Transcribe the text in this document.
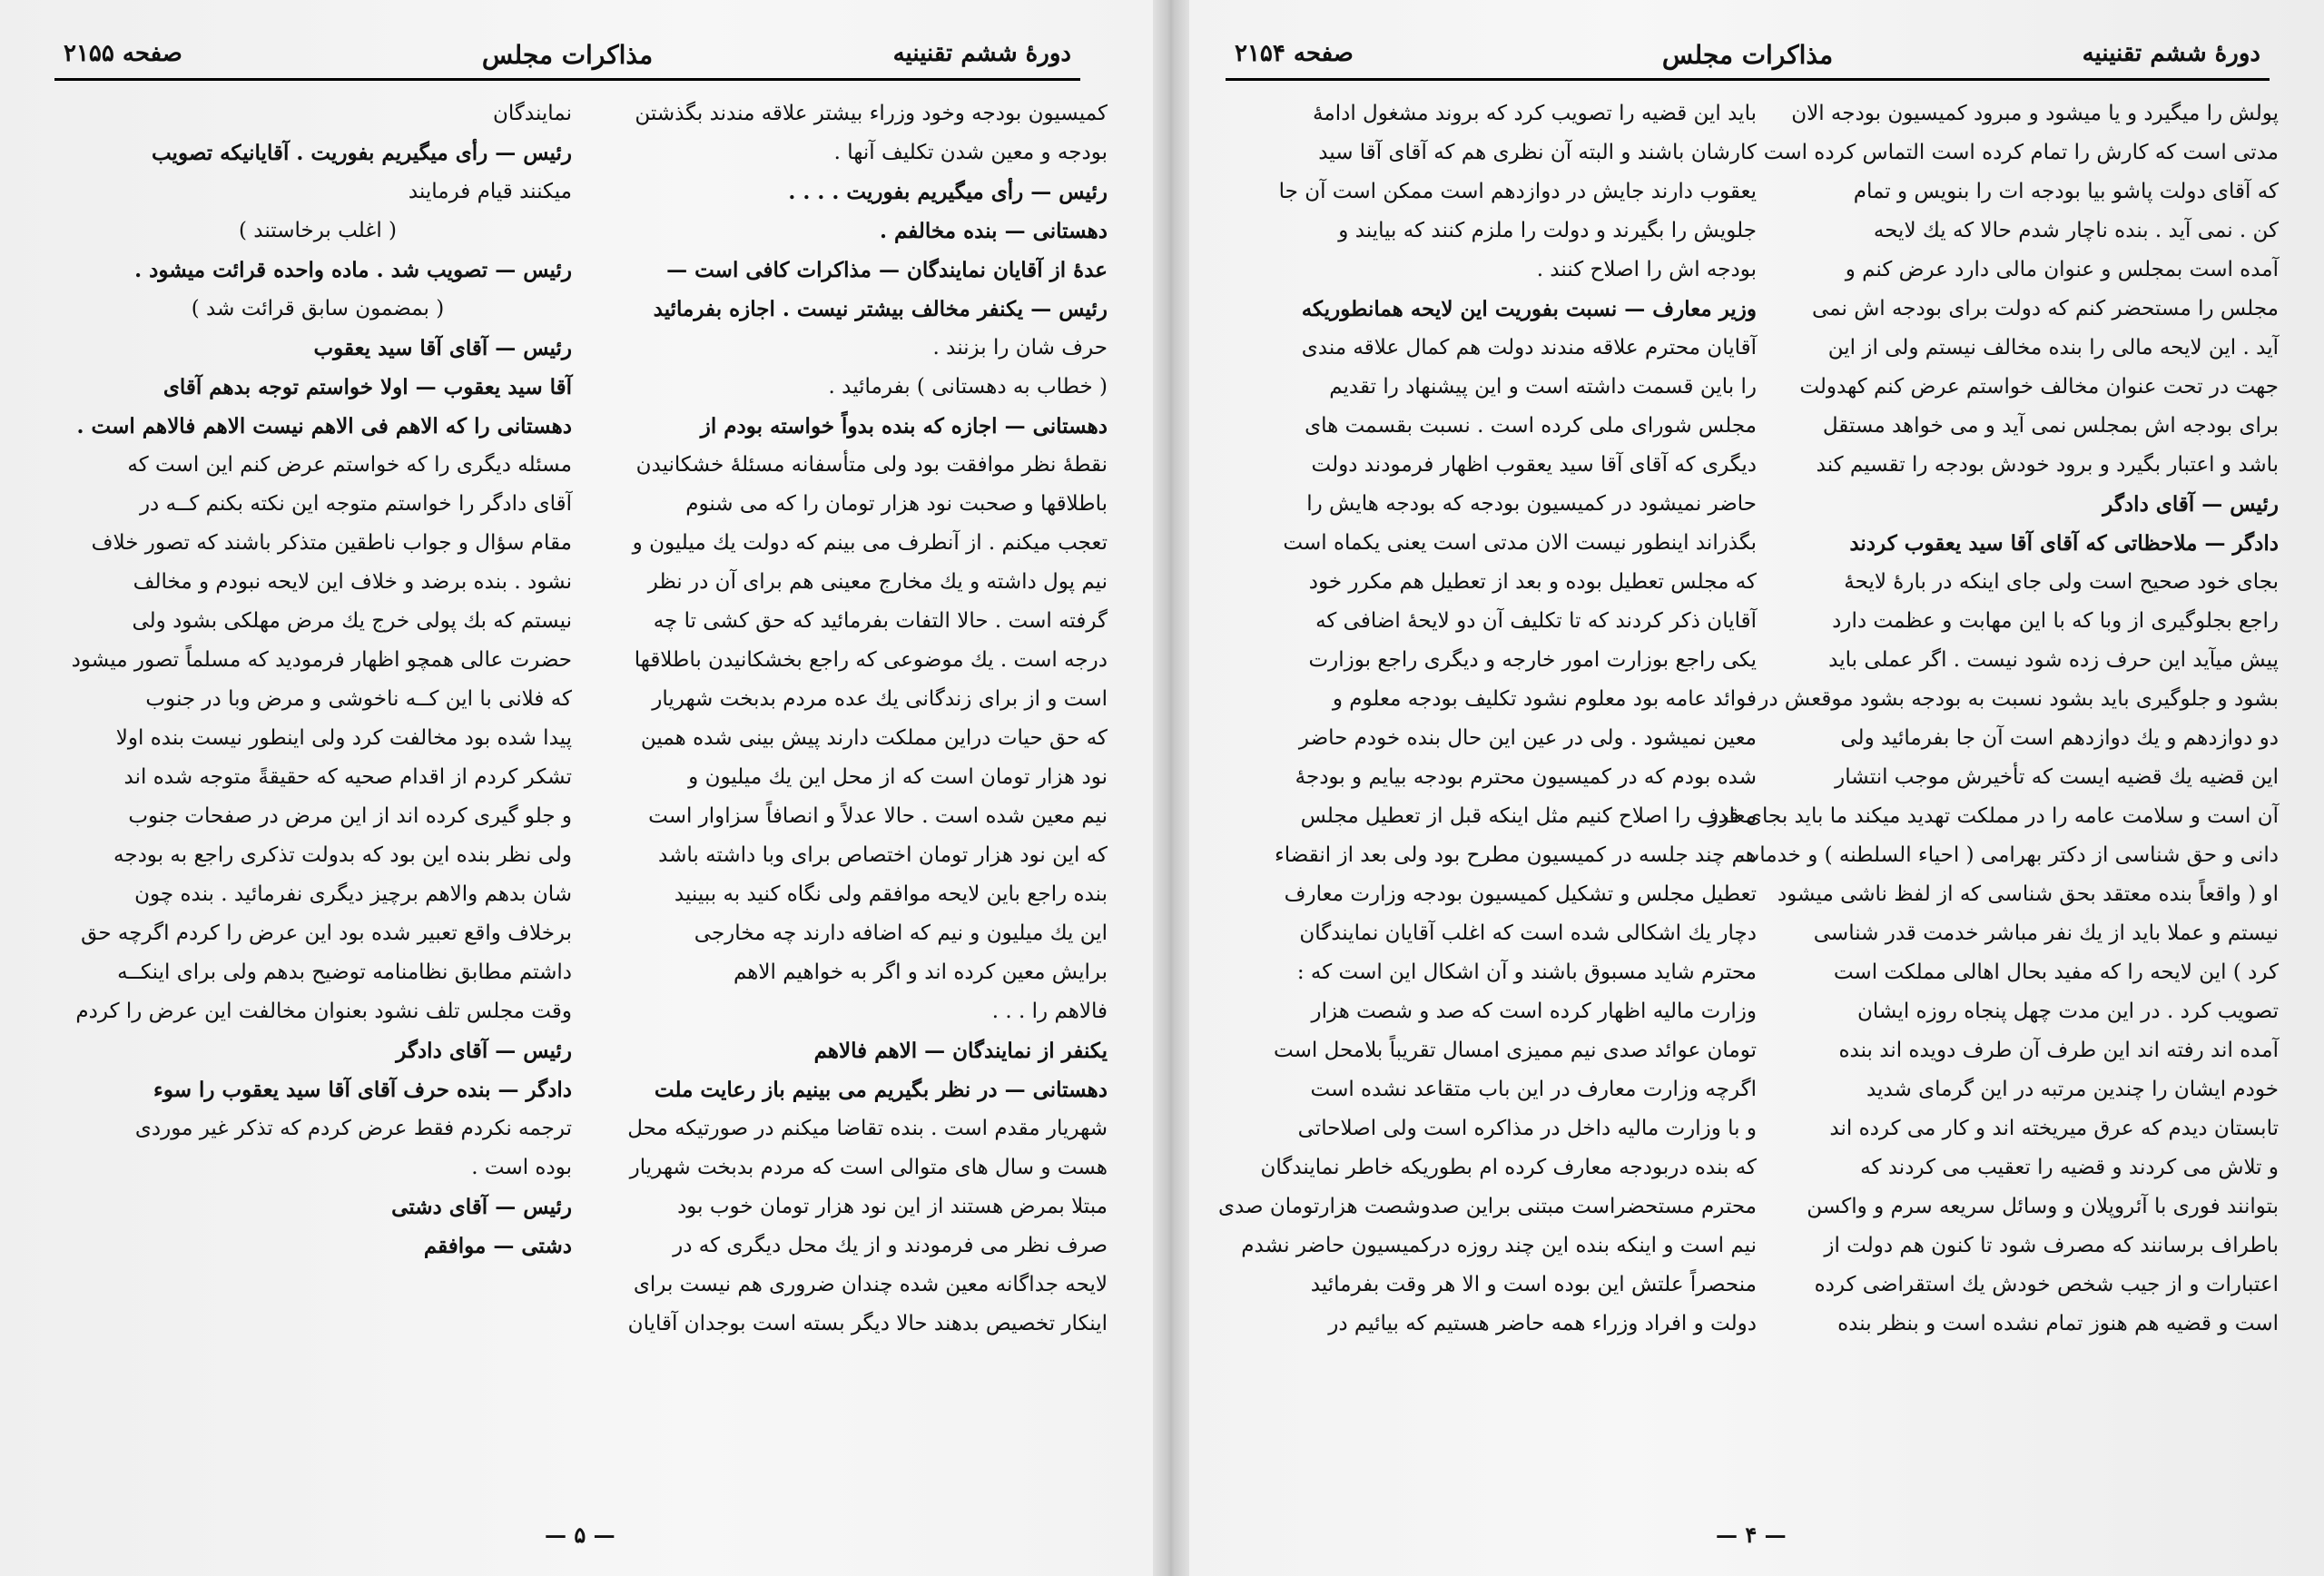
دورهٔ ششم تقنینیه
مذاکرات مجلس
صفحه ۲۱۵۵
کمیسیون بودجه وخود وزراء بیشتر علاقه مندند بگذشتن
بودجه و معین شدن تکلیف آنها .
رئیس — رأی میگیریم بفوریت . . . .
دهستانی — بنده مخالفم .
عدهٔ از آقایان نمایندگان — مذاکرات کافی است —
رئیس — یکنفر مخالف بیشتر نیست . اجازه بفرمائید
حرف شان را بزنند .
( خطاب به دهستانی ) بفرمائید .
دهستانی — اجازه که بنده بدواً خواسته بودم از
نقطهٔ نظر موافقت بود ولی متأسفانه مسئلهٔ خشکانیدن
باطلاقها و صحبت نود هزار تومان را که می شنوم
تعجب میکنم . از آنطرف می بینم که دولت یك میلیون و
نیم پول داشته و یك مخارج معینی هم برای آن در نظر
گرفته است . حالا التفات بفرمائید که حق کشی تا چه
درجه است . یك موضوعی که راجع بخشکانیدن باطلاقها
است و از برای زندگانی یك عده مردم بدبخت شهریار
که حق حیات دراین مملکت دارند پیش بینی شده همین
نود هزار تومان است که از محل این یك میلیون و
نیم معین شده است . حالا عدلاً و انصافاً سزاوار است
که این نود هزار تومان اختصاص برای وبا داشته باشد
بنده راجع باین لایحه موافقم ولی نگاه کنید به ببینید
این یك میلیون و نیم که اضافه دارند چه مخارجی
برایش معین کرده اند و اگر به خواهیم الاهم
فالاهم را . . .
یکنفر از نمایندگان — الاهم فالاهم
دهستانی — در نظر بگیریم می بینیم باز رعایت ملت
شهریار مقدم است . بنده تقاضا میکنم در صورتیکه محل
هست و سال های متوالی است که مردم بدبخت شهریار
مبتلا بمرض هستند از این نود هزار تومان خوب بود
صرف نظر می فرمودند و از یك محل دیگری که در
لایحه جداگانه معین شده چندان ضروری هم نیست برای
اینکار تخصیص بدهند حالا دیگر بسته است بوجدان آقایان
نمایندگان
رئیس — رأی میگیریم بفوریت . آقایانیکه تصویب
میکنند قیام فرمایند
( اغلب برخاستند )
رئیس — تصویب شد . ماده واحده قرائت میشود .
( بمضمون سابق قرائت شد )
رئیس — آقای آقا سید یعقوب
آقا سید یعقوب — اولا خواستم توجه بدهم آقای
دهستانی را که الاهم فی الاهم نیست الاهم فالاهم است .
مسئله دیگری را که خواستم عرض کنم این است که
آقای دادگر را خواستم متوجه این نکته بکنم کــه در
مقام سؤال و جواب ناطقین متذکر باشند که تصور خلاف
نشود . بنده برضد و خلاف این لایحه نبودم و مخالف
نیستم که بك پولی خرج یك مرض مهلکی بشود ولی
حضرت عالی همچو اظهار فرمودید که مسلماً تصور میشود
که فلانی با این کــه ناخوشی و مرض وبا در جنوب
پیدا شده بود مخالفت کرد ولی اینطور نیست بنده اولا
تشکر کردم از اقدام صحیه که حقیقةً متوجه شده اند
و جلو گیری کرده اند از این مرض در صفحات جنوب
ولی نظر بنده این بود که بدولت تذکری راجع به بودجه
شان بدهم والاهم برچیز دیگری نفرمائید . بنده چون
برخلاف واقع تعبیر شده بود این عرض را کردم اگرچه حق
داشتم مطابق نظامنامه توضیح بدهم ولی برای اینکــه
وقت مجلس تلف نشود بعنوان مخالفت این عرض را کردم
رئیس — آقای دادگر
دادگر — بنده حرف آقای آقا سید یعقوب را سوء
ترجمه نکردم فقط عرض کردم که تذکر غیر موردی
بوده است .
رئیس — آقای دشتی
دشتی — موافقم
— ۵ —
دورهٔ ششم تقنینیه
مذاکرات مجلس
صفحه ۲۱۵۴
پولش را میگیرد و یا میشود و مبرود کمیسیون بودجه الان
مدتی است که کارش را تمام کرده است التماس کرده است
که آقای دولت پاشو بیا بودجه ات را بنویس و تمام
کن . نمی آید . بنده ناچار شدم حالا که یك لایحه
آمده است بمجلس و عنوان مالی دارد عرض کنم و
مجلس را مستحضر کنم که دولت برای بودجه اش نمی
آید . این لایحه مالی را بنده مخالف نیستم ولی از این
جهت در تحت عنوان مخالف خواستم عرض کنم کهدولت
برای بودجه اش بمجلس نمی آید و می خواهد مستقل
باشد و اعتبار بگیرد و برود خودش بودجه را تقسیم کند
رئیس — آقای دادگر
دادگر — ملاحظاتی که آقای آقا سید یعقوب کردند
بجای خود صحیح است ولی جای اینکه در بارهٔ لایحهٔ
راجع بجلوگیری از وبا که با این مهابت و عظمت دارد
پیش میآید این حرف زده شود نیست . اگر عملی باید
بشود و جلوگیری باید بشود نسبت به بودجه بشود موقعش در
دو دوازدهم و یك دوازدهم است آن جا بفرمائید ولی
این قضیه یك قضیه ایست که تأخیرش موجب انتشار
آن است و سلامت عامه را در مملکت تهدید میکند ما باید بجای قدر
دانی و حق شناسی از دکتر بهرامی ( احیاء السلطنه ) و خدمات
او ( واقعاً بنده معتقد بحق شناسی که از لفظ ناشی میشود
نیستم و عملا باید از یك نفر مباشر خدمت قدر شناسی
کرد ) این لایحه را که مفید بحال اهالی مملکت است
تصویب کرد . در این مدت چهل پنجاه روزه ایشان
آمده اند رفته اند این طرف آن طرف دویده اند بنده
خودم ایشان را چندین مرتبه در این گرمای شدید
تابستان دیدم که عرق میریخته اند و کار می کرده اند
و تلاش می کردند و قضیه را تعقیب می کردند که
بتوانند فوری با آئروپلان و وسائل سریعه سرم و واکسن
باطراف برسانند که مصرف شود تا کنون هم دولت از
اعتبارات و از جیب شخص خودش یك استقراضی کرده
است و قضیه هم هنوز تمام نشده است و بنظر بنده
باید این قضیه را تصویب کرد که بروند مشغول ادامهٔ
کارشان باشند و البته آن نظری هم که آقای آقا سید
یعقوب دارند جایش در دوازدهم است ممکن است آن جا
جلویش را بگیرند و دولت را ملزم کنند که بیایند و
بودجه اش را اصلاح کنند .
وزیر معارف — نسبت بفوریت این لایحه همانطوریکه
آقایان محترم علاقه مندند دولت هم کمال علاقه مندی
را باین قسمت داشته است و این پیشنهاد را تقدیم
مجلس شورای ملی کرده است . نسبت بقسمت های
دیگری که آقای آقا سید یعقوب اظهار فرمودند دولت
حاضر نمیشود در کمیسیون بودجه که بودجه هایش را
بگذراند اینطور نیست الان مدتی است یعنی یکماه است
که مجلس تعطیل بوده و بعد از تعطیل هم مکرر خود
آقایان ذکر کردند که تا تکلیف آن دو لایحهٔ اضافی که
یکی راجع بوزارت امور خارجه و دیگری راجع بوزارت
فوائد عامه بود معلوم نشود تکلیف بودجه معلوم و
معین نمیشود . ولی در عین این حال بنده خودم حاضر
شده بودم که در کمیسیون محترم بودجه بیایم و بودجهٔ
معارف را اصلاح کنیم مثل اینکه قبل از تعطیل مجلس
هم چند جلسه در کمیسیون مطرح بود ولی بعد از انقضاء
تعطیل مجلس و تشکیل کمیسیون بودجه وزارت معارف
دچار یك اشکالی شده است که اغلب آقایان نمایندگان
محترم شاید مسبوق باشند و آن اشکال این است که :
وزارت مالیه اظهار کرده است که صد و شصت هزار
تومان عوائد صدی نیم ممیزی امسال تقریباً بلامحل است
اگرچه وزارت معارف در این باب متقاعد نشده است
و با وزارت مالیه داخل در مذاکره است ولی اصلاحاتی
که بنده دربودجه معارف کرده ام بطوریکه خاطر نمایندگان
محترم مستحضراست مبتنی براین صدوشصت هزارتومان صدی
نیم است و اینکه بنده این چند روزه درکمیسیون حاضر نشدم
منحصراً علتش این بوده است و الا هر وقت بفرمائید
دولت و افراد وزراء همه حاضر هستیم که بیائیم در
— ۴ —
